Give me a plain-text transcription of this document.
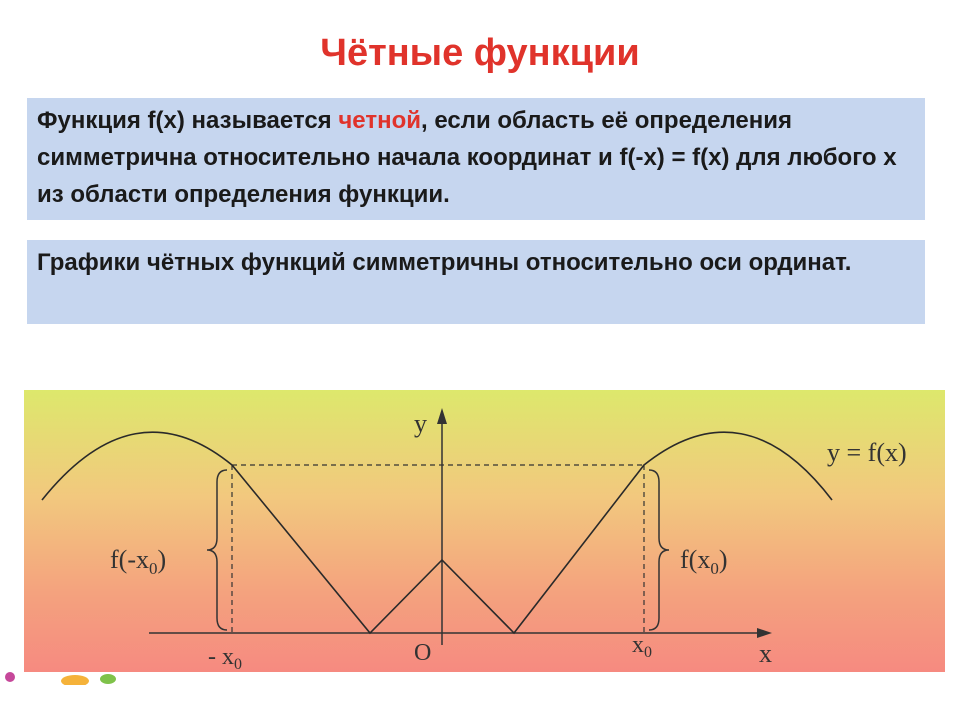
Чётные функции
Функция f(x) называется четной, если область её определения симметрична относительно начала координат и f(-x) = f(x) для любого x из области определения функции.
Графики чётных функций симметричны относительно оси ординат.
y
x
O
y = f(x)
$f(-x_0)$	$f(x_0)$
- $x_0$
$x_0$
